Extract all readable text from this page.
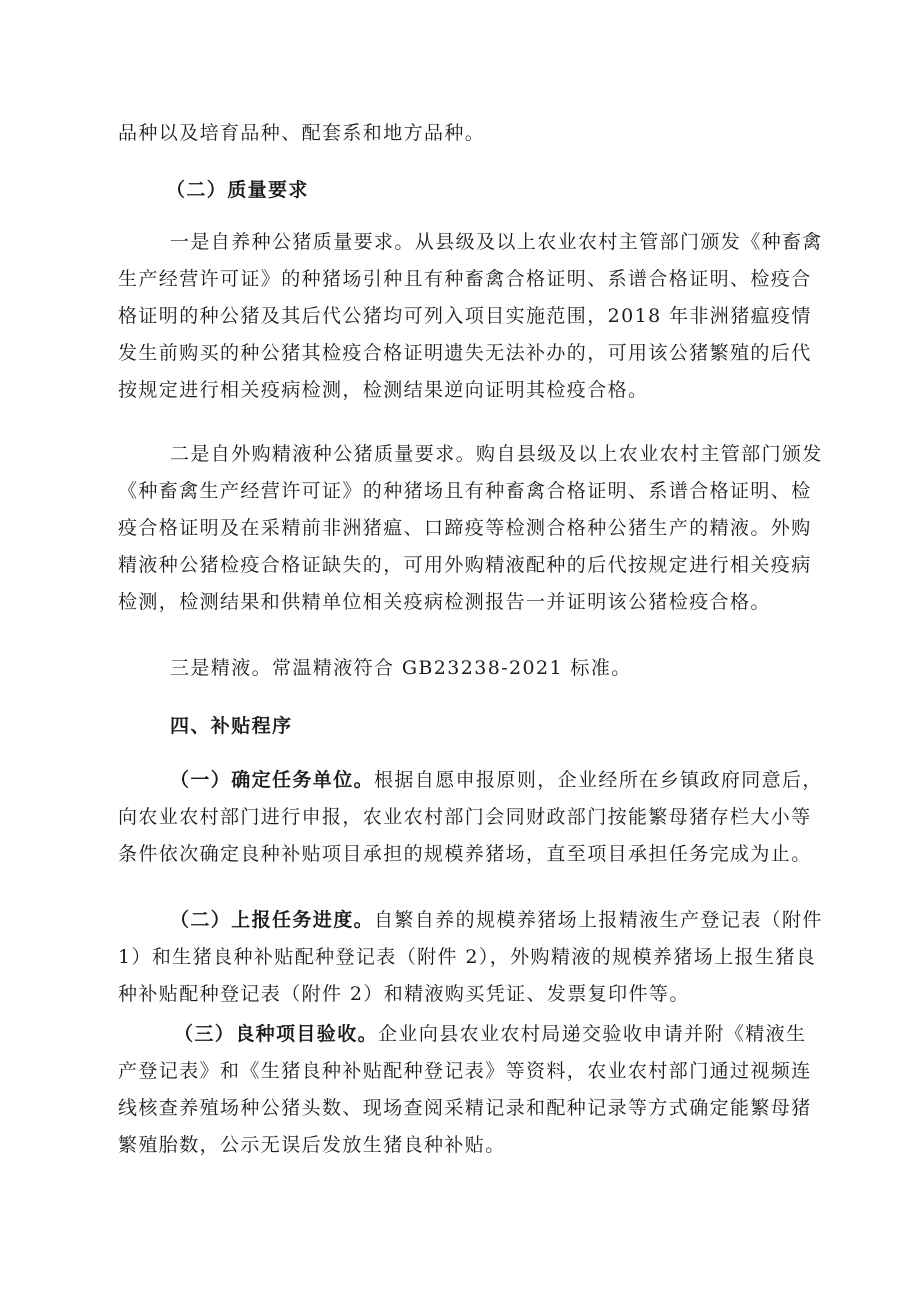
品种以及培育品种、配套系和地方品种。
（二）质量要求
一是自养种公猪质量要求。从县级及以上农业农村主管部门颁发《种畜禽
生产经营许可证》的种猪场引种且有种畜禽合格证明、系谱合格证明、检疫合
格证明的种公猪及其后代公猪均可列入项目实施范围，2018 年非洲猪瘟疫情
发生前购买的种公猪其检疫合格证明遗失无法补办的，可用该公猪繁殖的后代
按规定进行相关疫病检测，检测结果逆向证明其检疫合格。
二是自外购精液种公猪质量要求。购自县级及以上农业农村主管部门颁发
《种畜禽生产经营许可证》的种猪场且有种畜禽合格证明、系谱合格证明、检
疫合格证明及在采精前非洲猪瘟、口蹄疫等检测合格种公猪生产的精液。外购
精液种公猪检疫合格证缺失的，可用外购精液配种的后代按规定进行相关疫病
检测，检测结果和供精单位相关疫病检测报告一并证明该公猪检疫合格。
三是精液。常温精液符合 GB23238-2021 标准。
四、补贴程序
（一）确定任务单位。根据自愿申报原则，企业经所在乡镇政府同意后，
向农业农村部门进行申报，农业农村部门会同财政部门按能繁母猪存栏大小等
条件依次确定良种补贴项目承担的规模养猪场，直至项目承担任务完成为止。
（二）上报任务进度。自繁自养的规模养猪场上报精液生产登记表（附件
1）和生猪良种补贴配种登记表（附件 2），外购精液的规模养猪场上报生猪良
种补贴配种登记表（附件 2）和精液购买凭证、发票复印件等。
（三）良种项目验收。企业向县农业农村局递交验收申请并附《精液生
产登记表》和《生猪良种补贴配种登记表》等资料，农业农村部门通过视频连
线核查养殖场种公猪头数、现场查阅采精记录和配种记录等方式确定能繁母猪
繁殖胎数，公示无误后发放生猪良种补贴。
